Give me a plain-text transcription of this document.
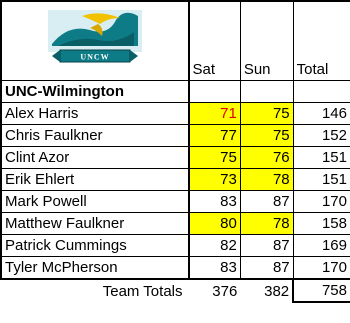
UNCW	Sat	Sun	Total
UNC-Wilmington			
Alex Harris	71	75	146
Chris Faulkner	77	75	152
Clint Azor	75	76	151
Erik Ehlert	73	78	151
Mark Powell	83	87	170
Matthew Faulkner	80	78	158
Patrick Cummings	82	87	169
Tyler McPherson	83	87	170
Team Totals	376	382	758
